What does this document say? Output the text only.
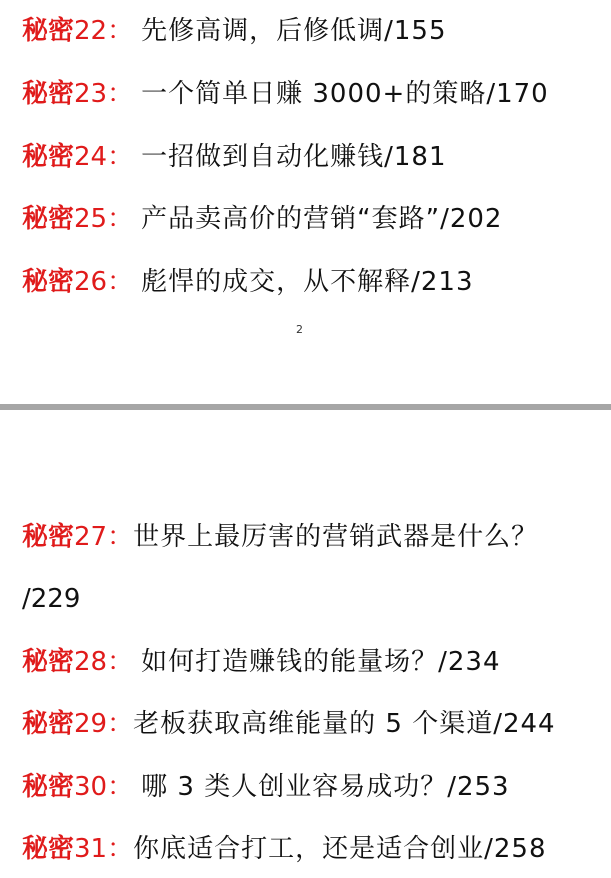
秘密22： 先修高调，后修低调/155
秘密23： 一个简单日赚 3000+的策略/170
秘密24： 一招做到自动化赚钱/181
秘密25： 产品卖高价的营销“套路”/202
秘密26： 彪悍的成交，从不解释/213
2
秘密27：世界上最厉害的营销武器是什么？
/229
秘密28： 如何打造赚钱的能量场？/234
秘密29：老板获取高维能量的 5 个渠道/244
秘密30： 哪 3 类人创业容易成功？/253
秘密31：你底适合打工，还是适合创业/258
